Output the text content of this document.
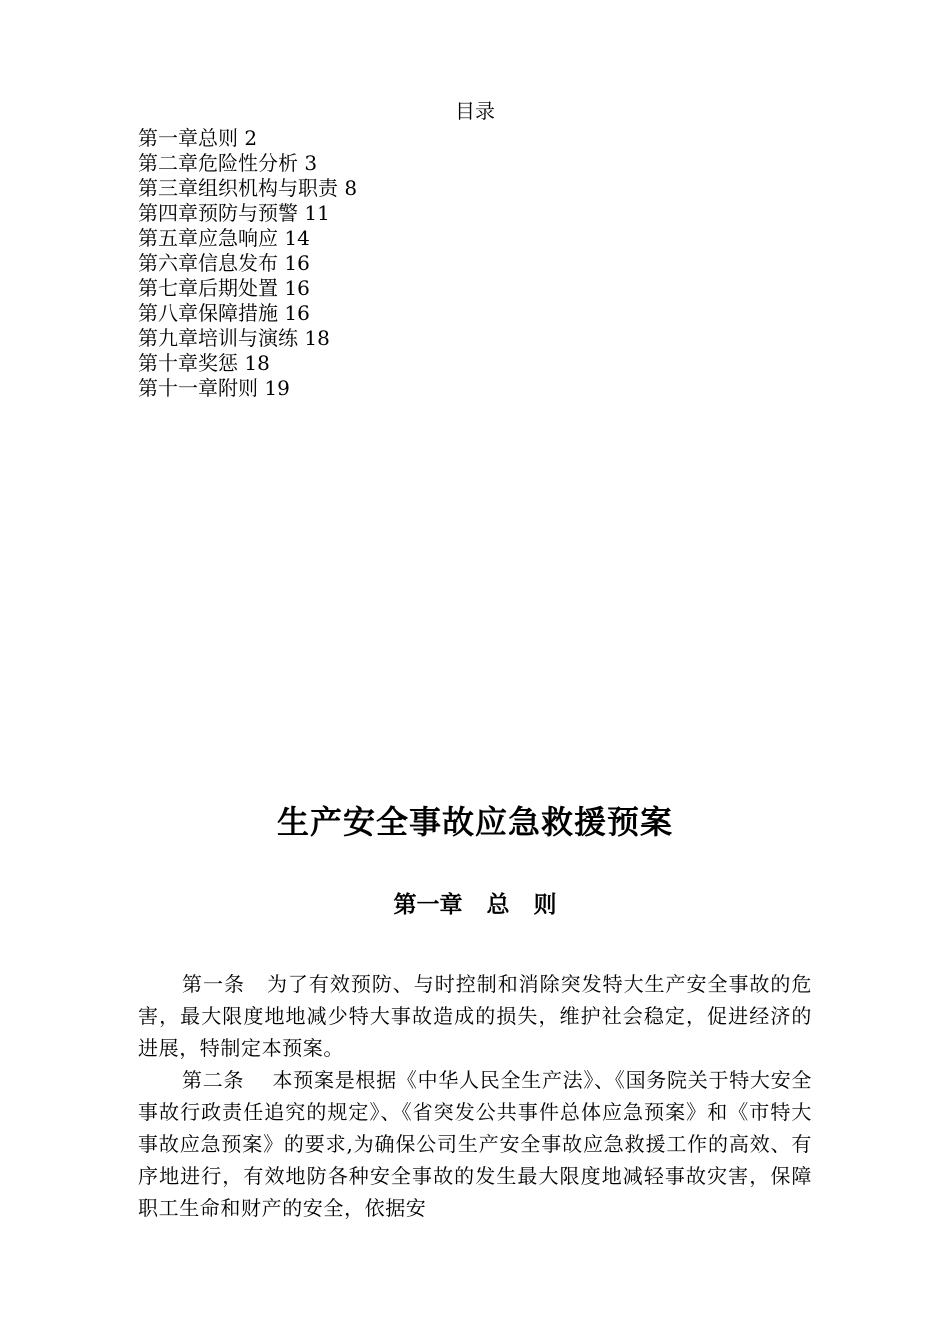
目录
第一章总则 2
第二章危险性分析 3
第三章组织机构与职责 8
第四章预防与预警 11
第五章应急响应 14
第六章信息发布 16
第七章后期处置 16
第八章保障措施 16
第九章培训与演练 18
第十章奖惩 18
第十一章附则 19
生产安全事故应急救援预案
第一章   总   则

第一条   为了有效预防、与时控制和消除突发特大生产安全事故的危害，最大限度地地减少特大事故造成的损失，维护社会稳定，促进经济的进展，特制定本预案。

第二条    本预案是根据《中华人民全生产法》、《国务院关于特大安全事故行政责任追究的规定》、《省突发公共事件总体应急预案》和《市特大事故应急预案》的要求,为确保公司生产安全事故应急救援工作的高效、有序地进行，有效地防各种安全事故的发生最大限度地减轻事故灾害，保障职工生命和财产的安全，依据安
